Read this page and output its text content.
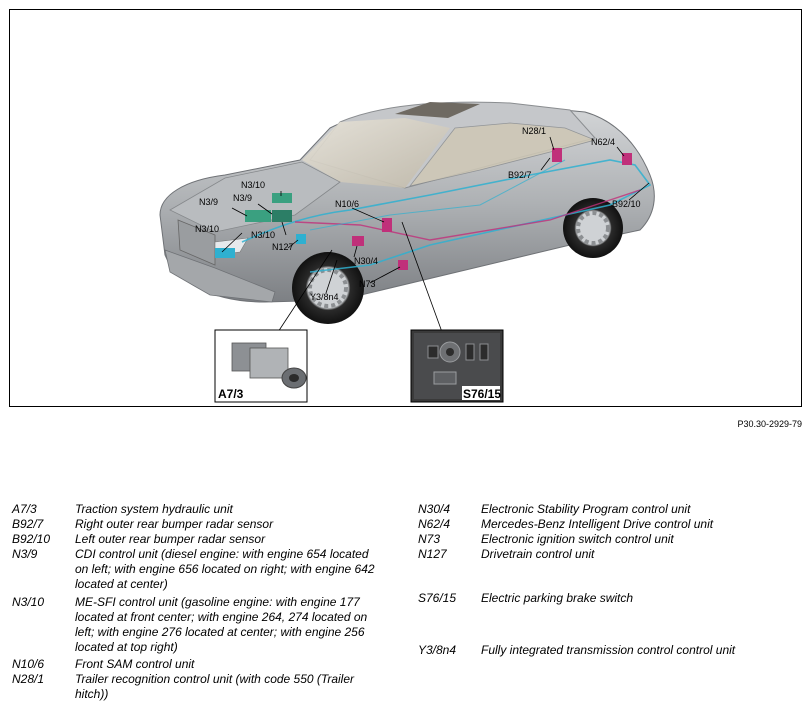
N28/1
N62/4
B92/7
B92/10
N3/10
N3/9 N3/9
N3/10
N3/10
N10/6
N127
N30/4
N73
Y3/8n4
A7/3	S76/15
P30.30-2929-79
A7/3	Traction system hydraulic unit
B92/7	Right outer rear bumper radar sensor
B92/10	Left outer rear bumper radar sensor
N3/9	CDI control unit (diesel engine: with engine 654 located on left; with engine 656 located on right; with engine 642 located at center)
N3/10	ME-SFI control unit (gasoline engine: with engine 177 located at front center; with engine 264, 274 located on left; with engine 276 located at center; with engine 256 located at top right)
N10/6	Front SAM control unit
N28/1	Trailer recognition control unit (with code 550 (Trailer hitch))
N30/4	Electronic Stability Program control unit
N62/4	Mercedes-Benz Intelligent Drive control unit
N73	Electronic ignition switch control unit
N127	Drivetrain control unit
S76/15	Electric parking brake switch
Y3/8n4	Fully integrated transmission control control unit
